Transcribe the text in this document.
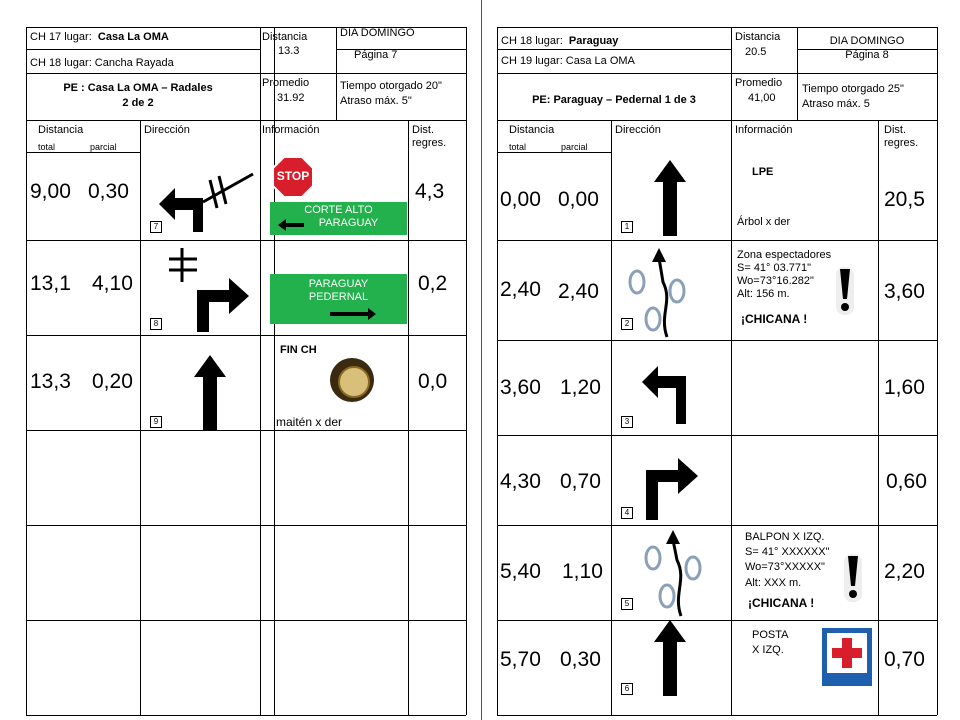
CH 17 lugar: Casa La OMA
CH 18 lugar: Cancha Rayada
Distancia
13.3
DIA DOMINGO
Página 7
PE : Casa La OMA – Radales
2 de 2
Promedio
31.92
Tiempo otorgado 20"
Atraso máx. 5"
Distancia	Dirección	Información	Dist. regres.
total	parcial
9,00 0,30	4,3
7
STOP
CORTE ALTO
PARAGUAY
13,1 4,10	0,2
8
PARAGUAY
PEDERNAL
13,3 0,20	0,0
9
FIN CH
maitén x der
CH 18 lugar: Paraguay
CH 19 lugar: Casa La OMA
Distancia
20.5
DIA DOMINGO
Página 8
PE: Paraguay – Pedernal 1 de 3
Promedio
41,00
Tiempo otorgado 25"
Atraso máx. 5
Distancia	Dirección	Información	Dist. regres.
total	parcial
0,00 0,00	20,5
1
LPE
Árbol x der
2,40 2,40	3,60
2
Zona espectadores
S= 41° 03.771"
Wo=73°16.282"
Alt: 156 m.
¡CHICANA !
3,60 1,20	1,60
3
4,30 0,70	0,60
4
5,40 1,10	2,20
5
BALPON X IZQ.
S= 41° XXXXXX"
Wo=73°XXXXX"
Alt: XXX m.
¡CHICANA !
5,70 0,30	0,70
6
POSTA
X IZQ.
